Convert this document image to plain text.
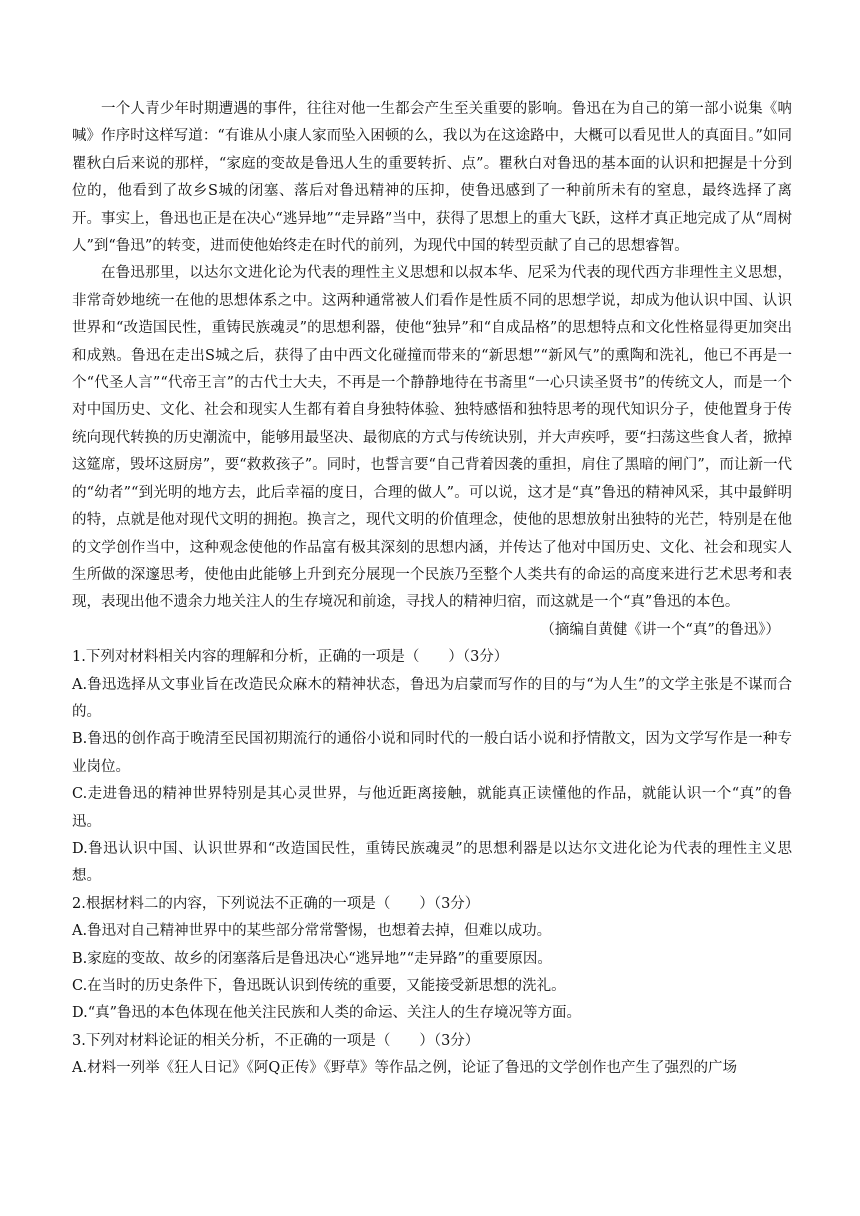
一个人青少年时期遭遇的事件，往往对他一生都会产生至关重要的影响。鲁迅在为自己的第一部小说集《呐喊》作序时这样写道：“有谁从小康人家而坠入困顿的么，我以为在这途路中，大概可以看见世人的真面目。”如同瞿秋白后来说的那样，“家庭的变故是鲁迅人生的重要转折、点”。瞿秋白对鲁迅的基本面的认识和把握是十分到位的，他看到了故乡S城的闭塞、落后对鲁迅精神的压抑，使鲁迅感到了一种前所未有的窒息，最终选择了离开。事实上，鲁迅也正是在决心“逃异地”“走异路”当中，获得了思想上的重大飞跃，这样才真正地完成了从“周树人”到“鲁迅”的转变，进而使他始终走在时代的前列，为现代中国的转型贡献了自己的思想睿智。

在鲁迅那里，以达尔文进化论为代表的理性主义思想和以叔本华、尼采为代表的现代西方非理性主义思想，非常奇妙地统一在他的思想体系之中。这两种通常被人们看作是性质不同的思想学说，却成为他认识中国、认识世界和“改造国民性，重铸民族魂灵”的思想利器，使他“独异”和“自成品格”的思想特点和文化性格显得更加突出和成熟。鲁迅在走出S城之后，获得了由中西文化碰撞而带来的“新思想”“新风气”的熏陶和洗礼，他已不再是一个“代圣人言”“代帝王言”的古代士大夫，不再是一个静静地待在书斋里“一心只读圣贤书”的传统文人，而是一个对中国历史、文化、社会和现实人生都有着自身独特体验、独特感悟和独特思考的现代知识分子，使他置身于传统向现代转换的历史潮流中，能够用最坚决、最彻底的方式与传统诀别，并大声疾呼，要“扫荡这些食人者，掀掉这筵席，毁坏这厨房”，要“救救孩子”。同时，也誓言要“自己背着因袭的重担，肩住了黑暗的闸门”，而让新一代的“幼者”“到光明的地方去，此后幸福的度日，合理的做人”。可以说，这才是“真”鲁迅的精神风采，其中最鲜明的特，点就是他对现代文明的拥抱。换言之，现代文明的价值理念，使他的思想放射出独特的光芒，特别是在他的文学创作当中，这种观念使他的作品富有极其深刻的思想内涵，并传达了他对中国历史、文化、社会和现实人生所做的深邃思考，使他由此能够上升到充分展现一个民族乃至整个人类共有的命运的高度来进行艺术思考和表现，表现出他不遗余力地关注人的生存境况和前途，寻找人的精神归宿，而这就是一个“真”鲁迅的本色。

（摘编自黄健《讲一个“真”的鲁迅》）

1.下列对材料相关内容的理解和分析，正确的一项是（　　）（3分）

A.鲁迅选择从文事业旨在改造民众麻木的精神状态，鲁迅为启蒙而写作的目的与“为人生”的文学主张是不谋而合的。

B.鲁迅的创作高于晚清至民国初期流行的通俗小说和同时代的一般白话小说和抒情散文，因为文学写作是一种专业岗位。

C.走进鲁迅的精神世界特别是其心灵世界，与他近距离接触，就能真正读懂他的作品，就能认识一个“真”的鲁迅。

D.鲁迅认识中国、认识世界和“改造国民性，重铸民族魂灵”的思想利器是以达尔文进化论为代表的理性主义思想。

2.根据材料二的内容，下列说法不正确的一项是（　　）（3分）

A.鲁迅对自己精神世界中的某些部分常常警惕，也想着去掉，但难以成功。

B.家庭的变故、故乡的闭塞落后是鲁迅决心“逃异地”“走异路”的重要原因。

C.在当时的历史条件下，鲁迅既认识到传统的重要，又能接受新思想的洗礼。

D.“真”鲁迅的本色体现在他关注民族和人类的命运、关注人的生存境况等方面。

3.下列对材料论证的相关分析，不正确的一项是（　　）（3分）

A.材料一列举《狂人日记》《阿Q正传》《野草》等作品之例，论证了鲁迅的文学创作也产生了强烈的广场
